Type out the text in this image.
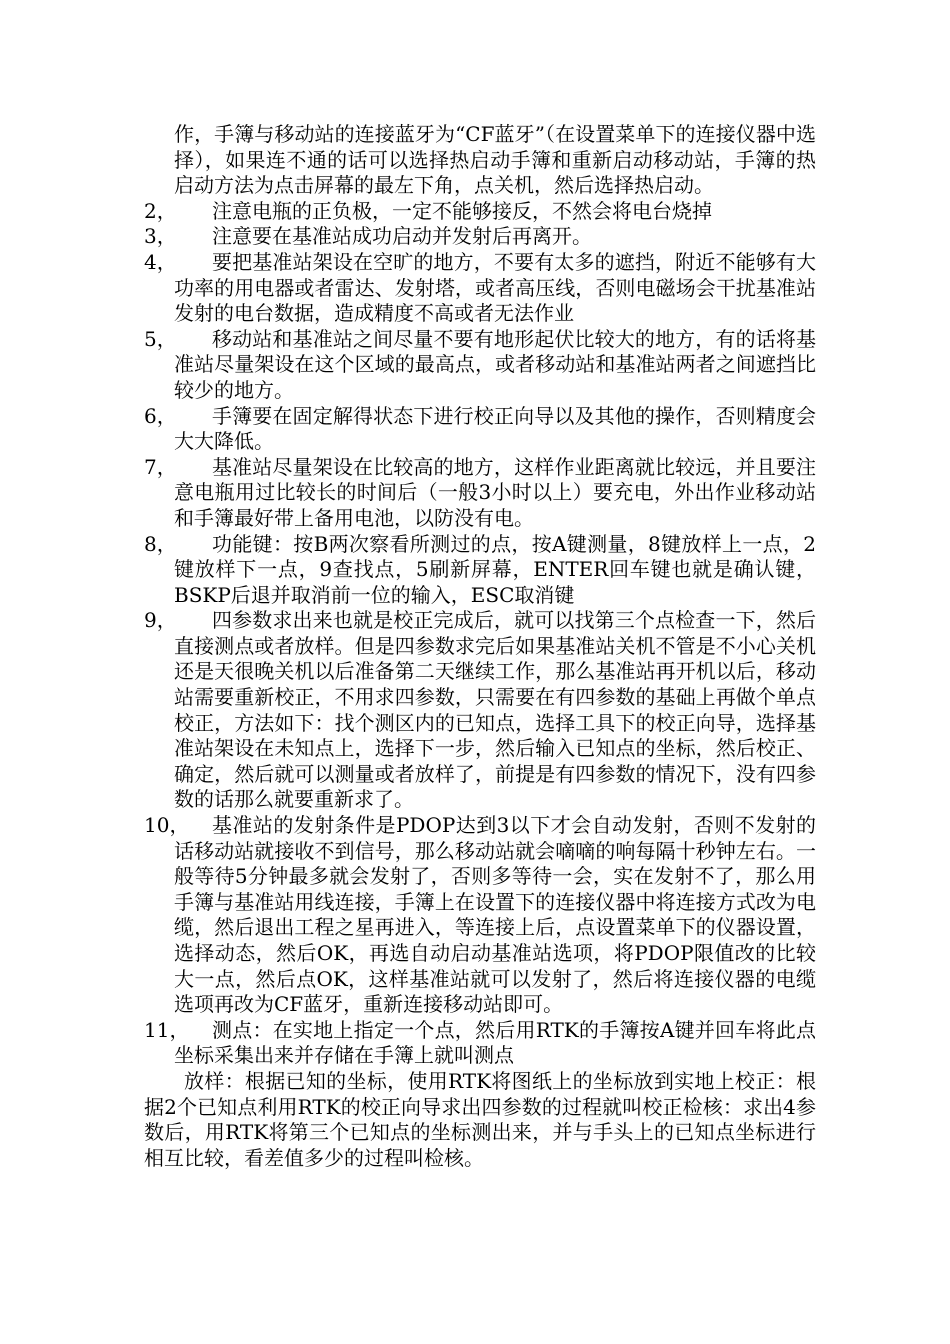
作，手簿与移动站的连接蓝牙为“CF蓝牙”（在设置菜单下的连接仪器中选择），如果连不通的话可以选择热启动手簿和重新启动移动站，手簿的热启动方法为点击屏幕的最左下角，点关机，然后选择热启动。
2，	注意电瓶的正负极，一定不能够接反，不然会将电台烧掉
3，	注意要在基准站成功启动并发射后再离开。
4，	要把基准站架设在空旷的地方，不要有太多的遮挡，附近不能够有大功率的用电器或者雷达、发射塔，或者高压线，否则电磁场会干扰基准站发射的电台数据，造成精度不高或者无法作业
5，	移动站和基准站之间尽量不要有地形起伏比较大的地方，有的话将基准站尽量架设在这个区域的最高点，或者移动站和基准站两者之间遮挡比较少的地方。
6，	手簿要在固定解得状态下进行校正向导以及其他的操作，否则精度会大大降低。
7，	基准站尽量架设在比较高的地方，这样作业距离就比较远，并且要注意电瓶用过比较长的时间后（一般3小时以上）要充电，外出作业移动站和手簿最好带上备用电池，以防没有电。
8，	功能键：按B两次察看所测过的点，按A键测量，8键放样上一点，2键放样下一点，9查找点，5刷新屏幕，ENTER回车键也就是确认键，BSKP后退并取消前一位的输入，ESC取消键
9，	四参数求出来也就是校正完成后，就可以找第三个点检查一下，然后直接测点或者放样。但是四参数求完后如果基准站关机不管是不小心关机还是天很晚关机以后准备第二天继续工作，那么基准站再开机以后，移动站需要重新校正，不用求四参数，只需要在有四参数的基础上再做个单点校正，方法如下：找个测区内的已知点，选择工具下的校正向导，选择基准站架设在未知点上，选择下一步，然后输入已知点的坐标，然后校正、确定，然后就可以测量或者放样了，前提是有四参数的情况下，没有四参数的话那么就要重新求了。
10，	基准站的发射条件是PDOP达到3以下才会自动发射，否则不发射的话移动站就接收不到信号，那么移动站就会嘀嘀的响每隔十秒钟左右。一般等待5分钟最多就会发射了，否则多等待一会，实在发射不了，那么用手簿与基准站用线连接，手簿上在设置下的连接仪器中将连接方式改为电缆，然后退出工程之星再进入，等连接上后，点设置菜单下的仪器设置，选择动态，然后OK，再选自动启动基准站选项，将PDOP限值改的比较大一点，然后点OK，这样基准站就可以发射了，然后将连接仪器的电缆选项再改为CF蓝牙，重新连接移动站即可。
11，	测点：在实地上指定一个点，然后用RTK的手簿按A键并回车将此点坐标采集出来并存储在手簿上就叫测点
放样：根据已知的坐标，使用RTK将图纸上的坐标放到实地上校正：根据2个已知点利用RTK的校正向导求出四参数的过程就叫校正检核：求出4参数后，用RTK将第三个已知点的坐标测出来，并与手头上的已知点坐标进行相互比较，看差值多少的过程叫检核。
